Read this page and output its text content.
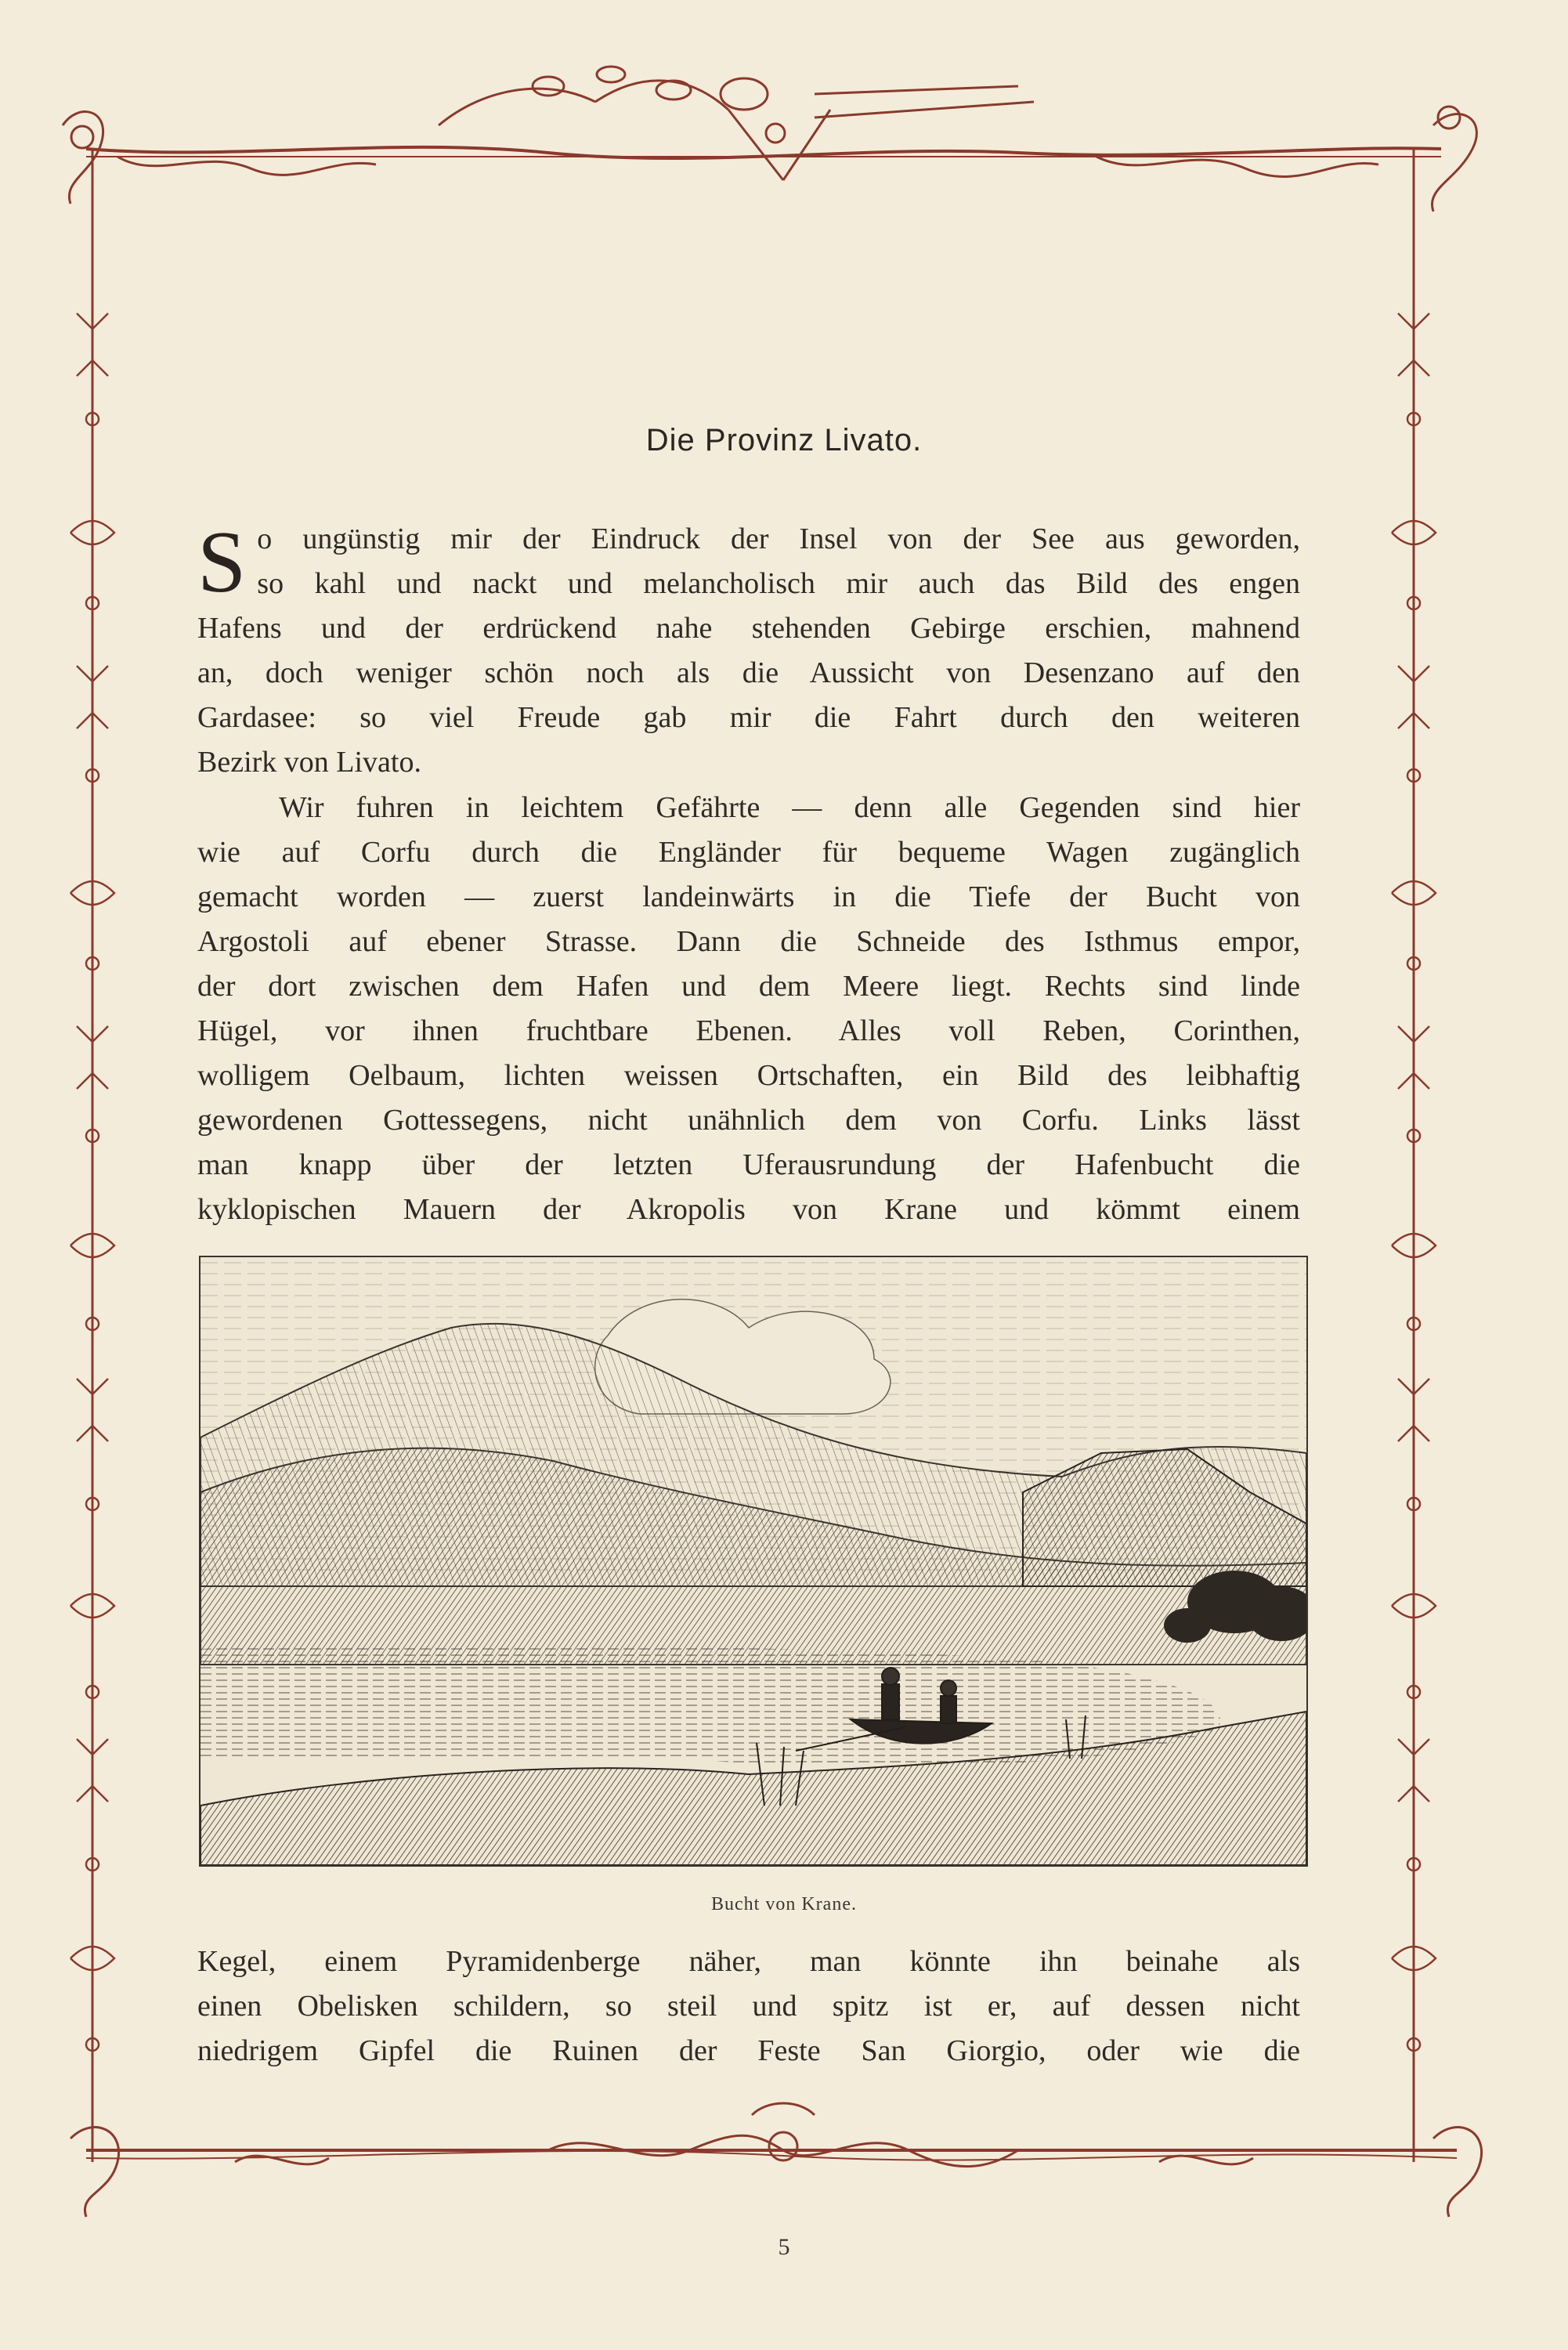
Die Provinz Livato.
S o ungünstig mir der Eindruck der Insel von der See aus geworden,
so kahl und nackt und melancholisch mir auch das Bild des engen
Hafens und der erdrückend nahe stehenden Gebirge erschien, mahnend
an, doch weniger schön noch als die Aussicht von Desenzano auf den
Gardasee: so viel Freude gab mir die Fahrt durch den weiteren
Bezirk von Livato.
Wir fuhren in leichtem Gefährte — denn alle Gegenden sind hier
wie auf Corfu durch die Engländer für bequeme Wagen zugänglich
gemacht worden — zuerst landeinwärts in die Tiefe der Bucht von
Argostoli auf ebener Strasse. Dann die Schneide des Isthmus empor,
der dort zwischen dem Hafen und dem Meere liegt. Rechts sind linde
Hügel, vor ihnen fruchtbare Ebenen. Alles voll Reben, Corinthen,
wolligem Oelbaum, lichten weissen Ortschaften, ein Bild des leibhaftig
gewordenen Gottessegens, nicht unähnlich dem von Corfu. Links lässt
man knapp über der letzten Uferausrundung der Hafenbucht die
kyklopischen Mauern der Akropolis von Krane und kömmt einem
Bucht von Krane.
Kegel, einem Pyramidenberge näher, man könnte ihn beinahe als
einen Obelisken schildern, so steil und spitz ist er, auf dessen nicht
niedrigem Gipfel die Ruinen der Feste San Giorgio, oder wie die
5
